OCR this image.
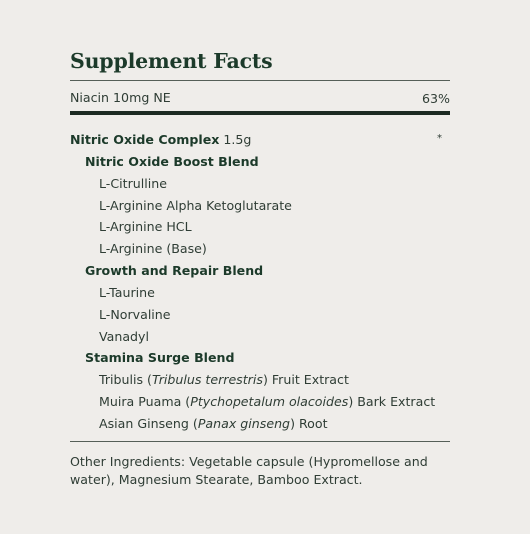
Supplement Facts
Niacin 10mg NE	63%
Nitric Oxide Complex 1.5g	*
Nitric Oxide Boost Blend
L-Citrulline
L-Arginine Alpha Ketoglutarate
L-Arginine HCL
L-Arginine (Base)
Growth and Repair Blend
L-Taurine
L-Norvaline
Vanadyl
Stamina Surge Blend
Tribulis (Tribulus terrestris) Fruit Extract
Muira Puama (Ptychopetalum olacoides) Bark Extract
Asian Ginseng (Panax ginseng) Root
Other Ingredients: Vegetable capsule (Hypromellose and water), Magnesium Stearate, Bamboo Extract.
